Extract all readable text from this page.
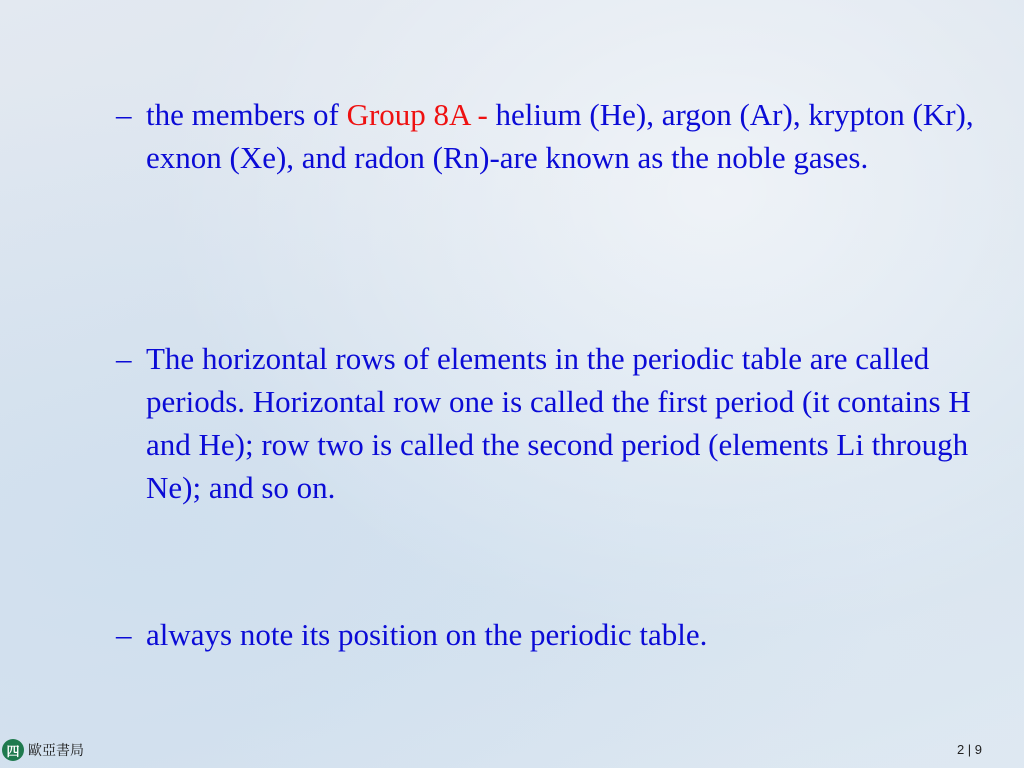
– the members of Group 8A - helium (He), argon (Ar), krypton (Kr), exnon (Xe), and radon (Rn)-are known as the noble gases.
– The horizontal rows of elements in the periodic table are called periods. Horizontal row one is called the first period (it contains H and He); row two is called the second period (elements Li through Ne); and so on.
– always note its position on the periodic table.
四 歐亞書局	2 | 9
